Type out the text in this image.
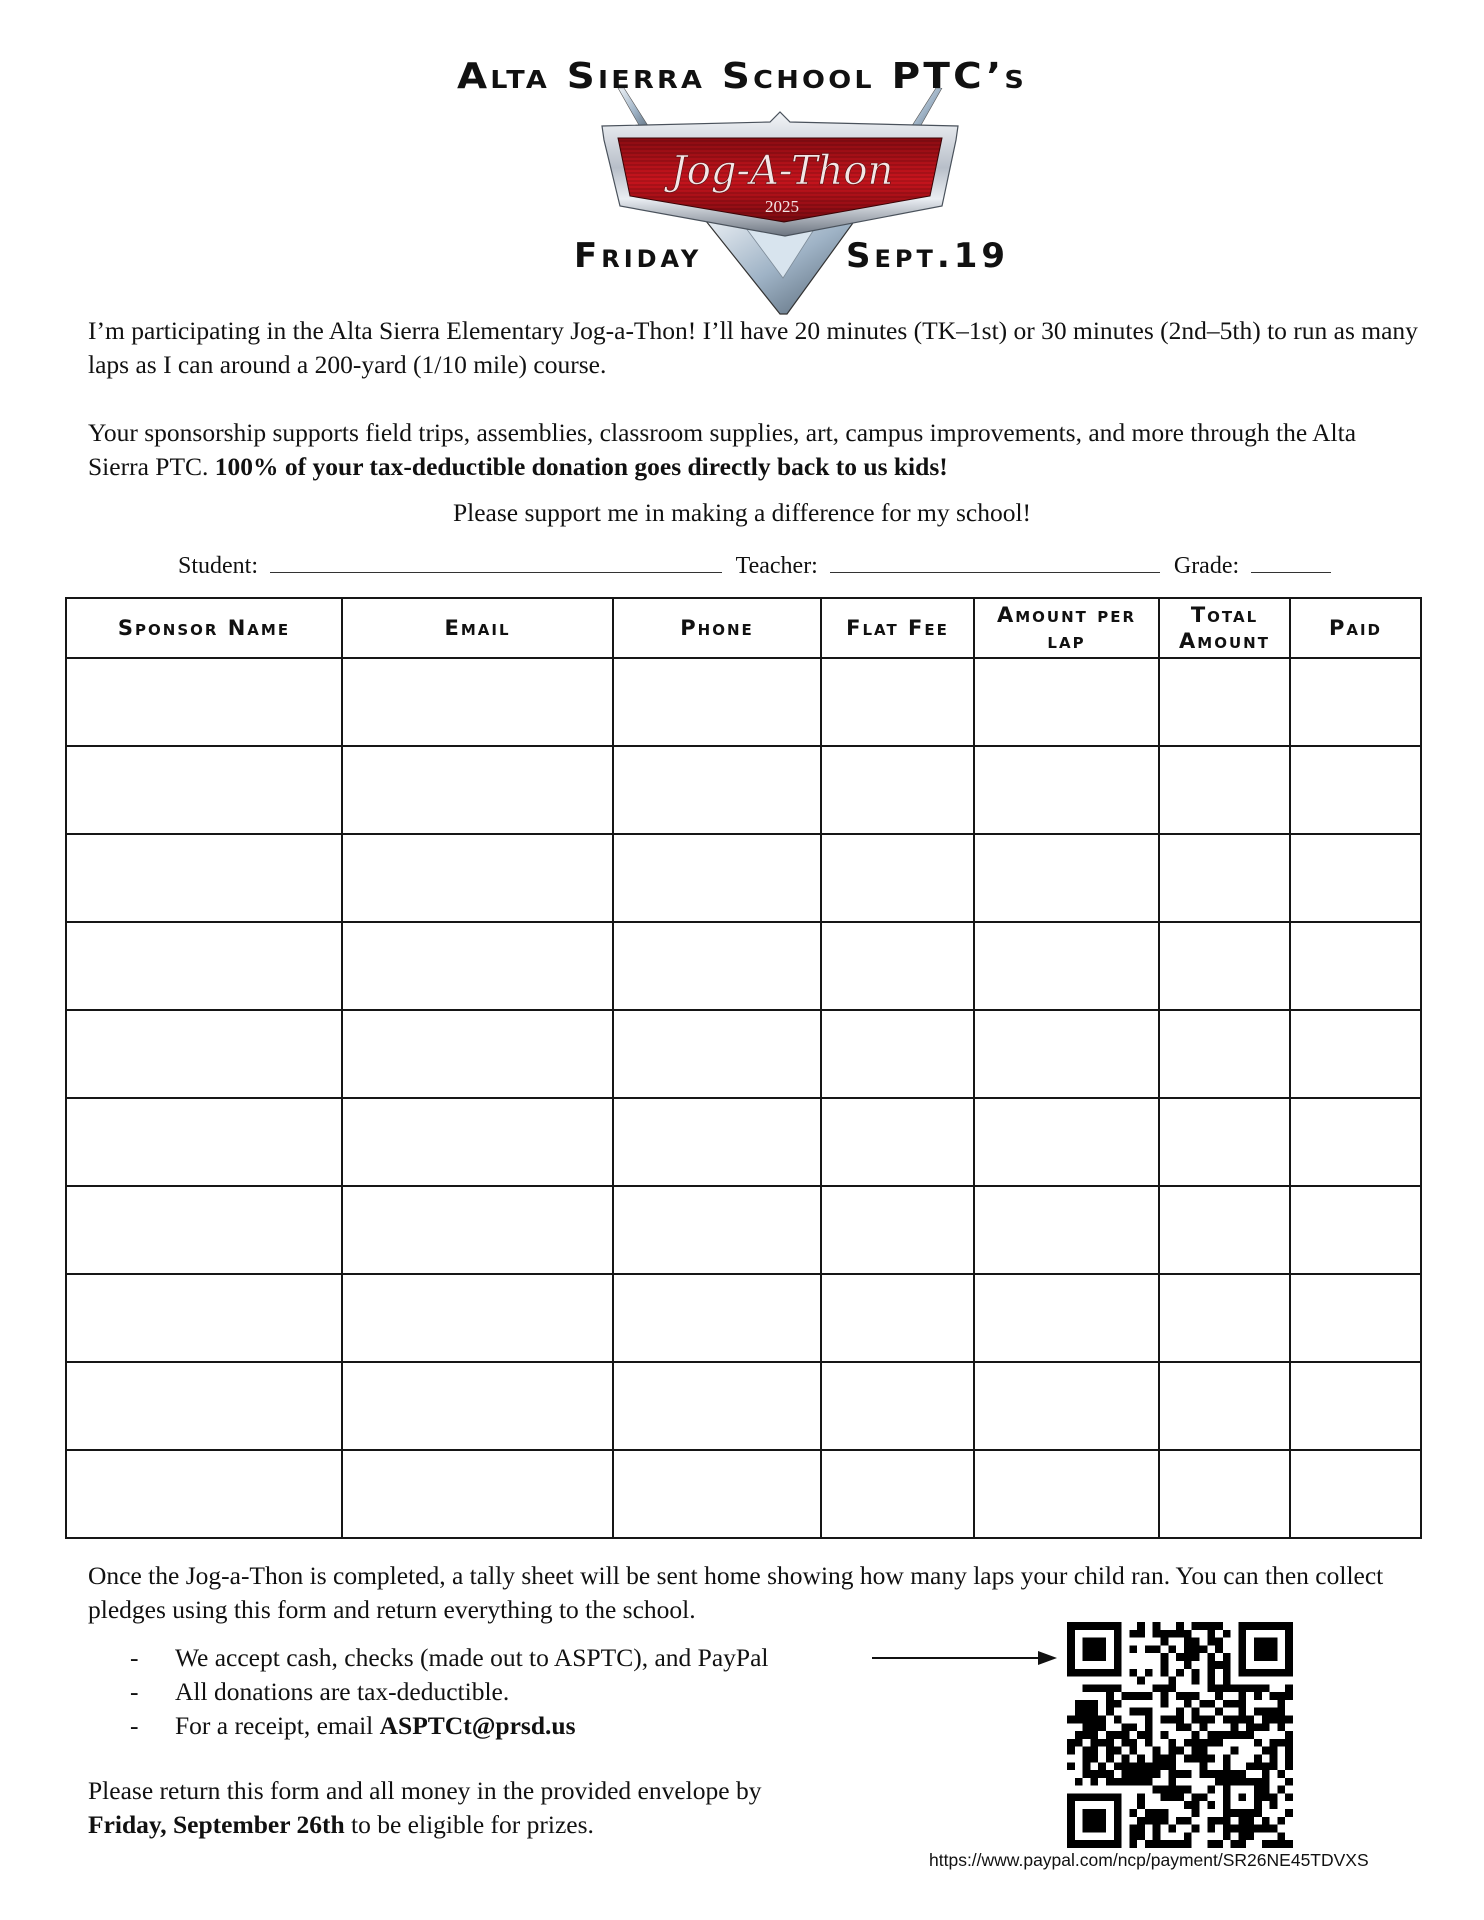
Alta Sierra School PTC’s
Jog-A-Thon
2025
Friday	Sept.19
I’m participating in the Alta Sierra Elementary Jog-a-Thon! I’ll have 20 minutes (TK–1st) or 30 minutes (2nd–5th) to run as many laps as I can around a 200-yard (1/10 mile) course.
Your sponsorship supports field trips, assemblies, classroom supplies, art, campus improvements, and more through the Alta Sierra PTC. 100% of your tax-deductible donation goes directly back to us kids!
Please support me in making a difference for my school!
Student:	Teacher:	Grade:
Sponsor Name	Email	Phone	Flat Fee	Amount per lap	Total Amount	Paid

Once the Jog-a-Thon is completed, a tally sheet will be sent home showing how many laps your child ran. You can then collect pledges using this form and return everything to the school.
- We accept cash, checks (made out to ASPTC), and PayPal
- All donations are tax-deductible.
- For a receipt, email ASPTCt@prsd.us
Please return this form and all money in the provided envelope by
Friday, September 26th to be eligible for prizes.
https://www.paypal.com/ncp/payment/SR26NE45TDVXS
